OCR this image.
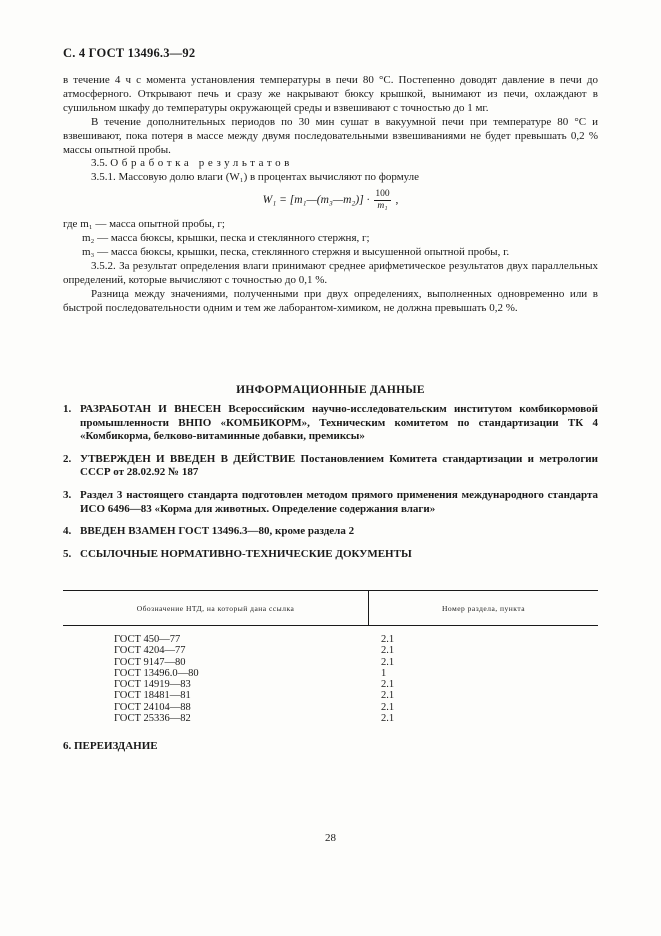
С. 4 ГОСТ 13496.3—92

в течение 4 ч с момента установления температуры в печи 80 °С. Постепенно доводят давление в печи до атмосферного. Открывают печь и сразу же накрывают бюксу крышкой, вынимают из печи, охлаждают в сушильном шкафу до температуры окружающей среды и взвешивают с точностью до 1 мг.

В течение дополнительных периодов по 30 мин сушат в вакуумной печи при температуре 80 °С и взвешивают, пока потеря в массе между двумя последовательными взвешиваниями не будет превышать 0,2 % массы опытной пробы.

3.5. Обработка результатов

3.5.1. Массовую долю влаги (W₁) в процентах вычисляют по формуле

W₁ = [m₁—(m₃—m₂)] · $\frac{100}{\text{m₁}}$ ,

где m₁ — масса опытной пробы, г;

m₂ — масса бюксы, крышки, песка и стеклянного стержня, г;

m₃ — масса бюксы, крышки, песка, стеклянного стержня и высушенной опытной пробы, г.

3.5.2. За результат определения влаги принимают среднее арифметическое результатов двух параллельных определений, которые вычисляют с точностью до 0,1 %.

Разница между значениями, полученными при двух определениях, выполненных одновременно или в быстрой последовательности одним и тем же лаборантом-химиком, не должна превышать 0,2 %.

ИНФОРМАЦИОННЫЕ ДАННЫЕ
1. РАЗРАБОТАН И ВНЕСЕН Всероссийским научно-исследовательским институтом комбикормовой промышленности ВНПО «КОМБИКОРМ», Техническим комитетом по стандартизации ТК 4 «Комбикорма, белково-витаминные добавки, премиксы»
2. УТВЕРЖДЕН И ВВЕДЕН В ДЕЙСТВИЕ Постановлением Комитета стандартизации и метрологии СССР от 28.02.92 № 187
3. Раздел 3 настоящего стандарта подготовлен методом прямого применения международного стандарта ИСО 6496—83 «Корма для животных. Определение содержания влаги»
4. ВВЕДЕН ВЗАМЕН ГОСТ 13496.3—80, кроме раздела 2
5. ССЫЛОЧНЫЕ НОРМАТИВНО-ТЕХНИЧЕСКИЕ ДОКУМЕНТЫ
Обозначение НТД, на который дана ссылка	Номер раздела, пункта
ГОСТ 450—77
ГОСТ 4204—77
ГОСТ 9147—80
ГОСТ 13496.0—80
ГОСТ 14919—83
ГОСТ 18481—81
ГОСТ 24104—88
ГОСТ 25336—82
2.1
2.1
2.1
1
2.1
2.1
2.1
2.1
6. ПЕРЕИЗДАНИЕ
28
